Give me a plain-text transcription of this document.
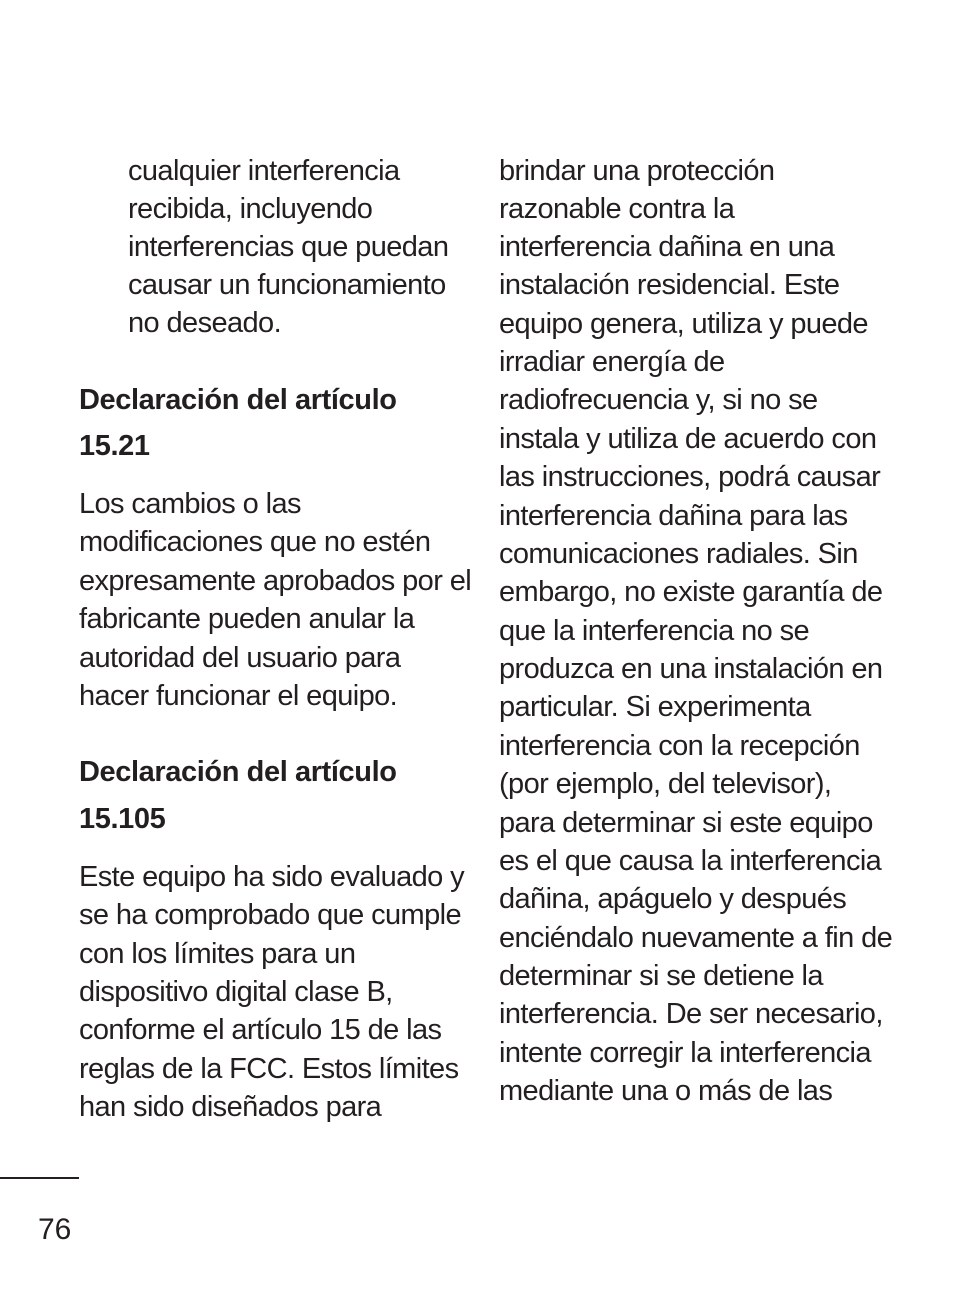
cualquier interferencia
recibida, incluyendo
interferencias que puedan
causar un funcionamiento
no deseado.
Declaración del artículo
15.21
Los cambios o las
modificaciones que no estén
expresamente aprobados por el
fabricante pueden anular la
autoridad del usuario para
hacer funcionar el equipo.
Declaración del artículo
15.105
Este equipo ha sido evaluado y
se ha comprobado que cumple
con los límites para un
dispositivo digital clase B,
conforme el artículo 15 de las
reglas de la FCC. Estos límites
han sido diseñados para
brindar una protección
razonable contra la
interferencia dañina en una
instalación residencial. Este
equipo genera, utiliza y puede
irradiar energía de
radiofrecuencia y, si no se
instala y utiliza de acuerdo con
las instrucciones, podrá causar
interferencia dañina para las
comunicaciones radiales. Sin
embargo, no existe garantía de
que la interferencia no se
produzca en una instalación en
particular. Si experimenta
interferencia con la recepción
(por ejemplo, del televisor),
para determinar si este equipo
es el que causa la interferencia
dañina, apáguelo y después
enciéndalo nuevamente a fin de
determinar si se detiene la
interferencia. De ser necesario,
intente corregir la interferencia
mediante una o más de las
76
